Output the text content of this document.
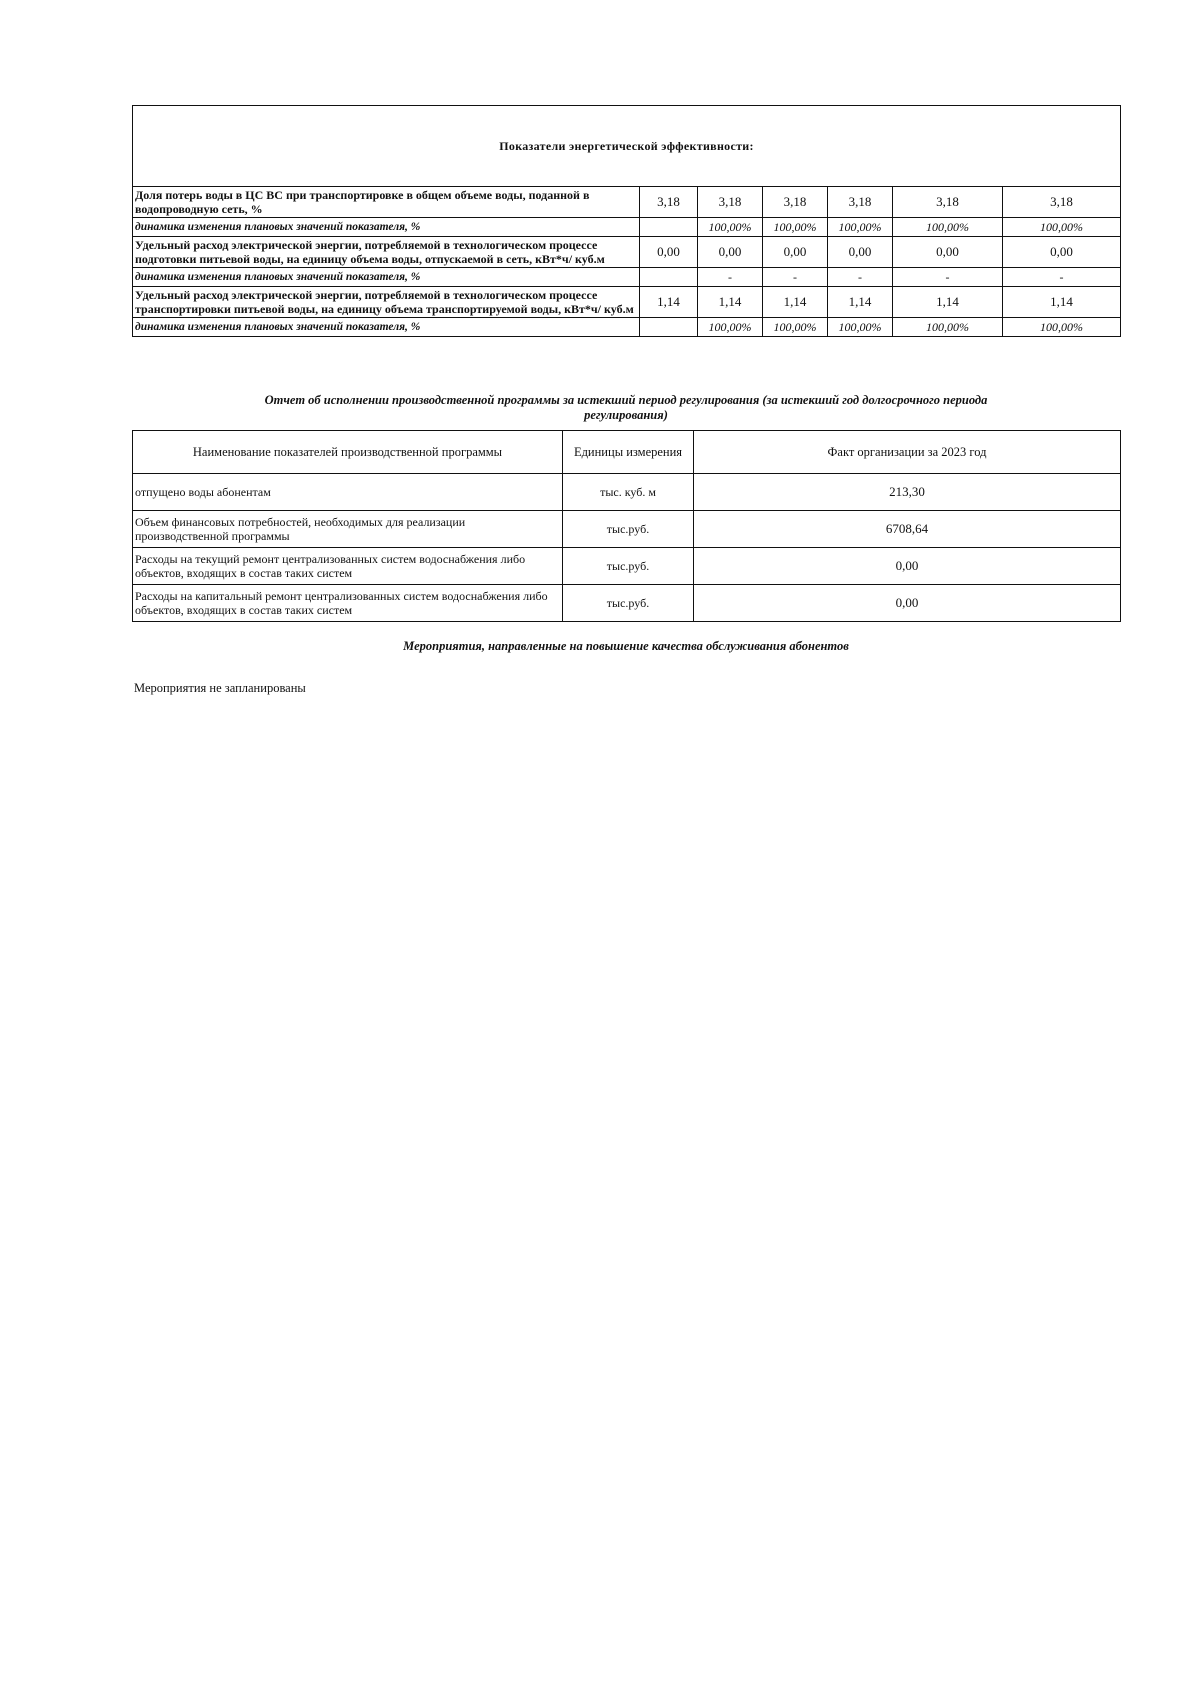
Показатели энергетической эффективности:						
Доля потерь воды в ЦС ВС при транспортировке в общем объеме воды, поданной в водопроводную сеть, %	3,18	3,18	3,18	3,18	3,18	3,18
динамика изменения плановых значений показателя, %		100,00%	100,00%	100,00%	100,00%	100,00%
Удельный расход электрической энергии, потребляемой в технологическом процессе подготовки питьевой воды, на единицу объема воды, отпускаемой в сеть, кВт*ч/ куб.м	0,00	0,00	0,00	0,00	0,00	0,00
динамика изменения плановых значений показателя, %		-	-	-	-	-
Удельный расход электрической энергии, потребляемой в технологическом процессе транспортировки питьевой воды, на единицу объема транспортируемой воды, кВт*ч/ куб.м	1,14	1,14	1,14	1,14	1,14	1,14
динамика изменения плановых значений показателя, %		100,00%	100,00%	100,00%	100,00%	100,00%
Отчет об исполнении производственной программы за истекший период регулирования (за истекший год долгосрочного периода
регулирования)
Наименование показателей производственной программы	Единицы измерения	Факт организации за 2023 год
отпущено воды абонентам	тыс. куб. м	213,30
Объем финансовых потребностей, необходимых для реализации производственной программы	тыс.руб.	6708,64
Расходы на текущий ремонт централизованных систем водоснабжения либо объектов, входящих в состав таких систем	тыс.руб.	0,00
Расходы на капитальный ремонт централизованных систем водоснабжения либо объектов, входящих в состав таких систем	тыс.руб.	0,00
Мероприятия, направленные на повышение качества обслуживания абонентов
Мероприятия не запланированы
